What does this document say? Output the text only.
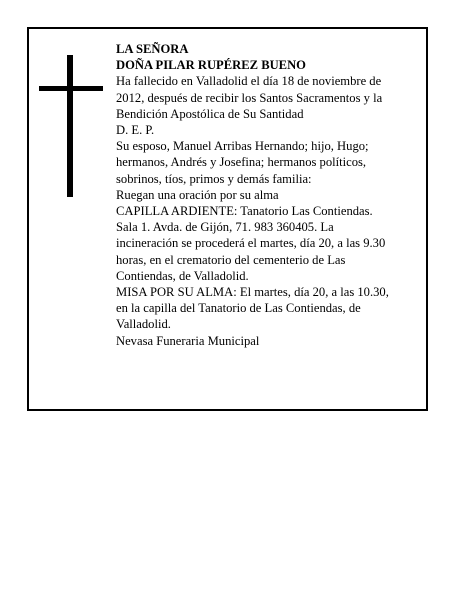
LA SEÑORA
DOÑA PILAR RUPÉREZ BUENO
Ha fallecido en Valladolid el día 18 de noviembre de
2012, después de recibir los Santos Sacramentos y la
Bendición Apostólica de Su Santidad
D. E. P.
Su esposo, Manuel Arribas Hernando; hijo, Hugo;
hermanos, Andrés y Josefina; hermanos políticos,
sobrinos, tíos, primos y demás familia:
Ruegan una oración por su alma
CAPILLA ARDIENTE: Tanatorio Las Contiendas.
Sala 1. Avda. de Gijón, 71. 983 360405. La
incineración se procederá el martes, día 20, a las 9.30
horas, en el crematorio del cementerio de Las
Contiendas, de Valladolid.
MISA POR SU ALMA: El martes, día 20, a las 10.30,
en la capilla del Tanatorio de Las Contiendas, de
Valladolid.
Nevasa Funeraria Municipal
